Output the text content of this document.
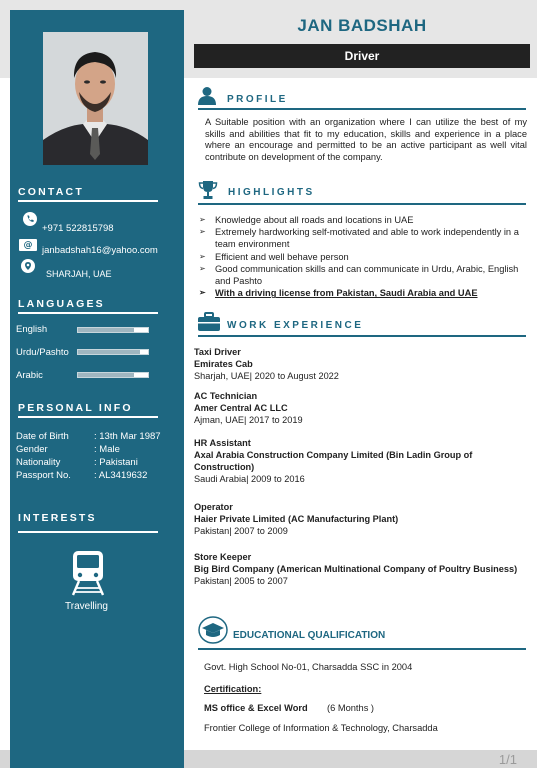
1/1
CONTACT
+971 522815798
@ janbadshah16@yahoo.com
SHARJAH, UAE
LANGUAGES
English
Urdu/Pashto
Arabic
PERSONAL INFO
Date of Birth	: 13th Mar 1987
Gender	: Male
Nationality	: Pakistani
Passport No. : AL3419632
INTERESTS
Travelling
JAN BADSHAH
Driver
PROFILE
A Suitable position with an organization where I can utilize the best of my skills and abilities that fit to my education, skills and experience in a place where an encourage and permitted to be an active participant as well vital contribute on development of the company.
HIGHLIGHTS
➢ Knowledge about all roads and locations in UAE
➢ Extremely hardworking self-motivated and able to work independently in a team environment
➢ Efficient and well behave person
➢ Good communication skills and can communicate in Urdu, Arabic, English and Pashto
➢ With a driving license from Pakistan, Saudi Arabia and UAE
WORK EXPERIENCE
Taxi Driver
Emirates Cab
Sharjah, UAE| 2020 to August 2022
AC Technician
Amer Central AC LLC
Ajman, UAE| 2017 to 2019
HR Assistant
Axal Arabia Construction Company Limited (Bin Ladin Group of Construction)
Saudi Arabia| 2009 to 2016
Operator
Haier Private Limited (AC Manufacturing Plant)
Pakistan| 2007 to 2009
Store Keeper
Big Bird Company (American Multinational Company of Poultry Business)
Pakistan| 2005 to 2007
EDUCATIONAL QUALIFICATION
Govt. High School No-01, Charsadda SSC in 2004
Certification:
MS office & Excel Word (6 Months )
Frontier College of Information & Technology, Charsadda
